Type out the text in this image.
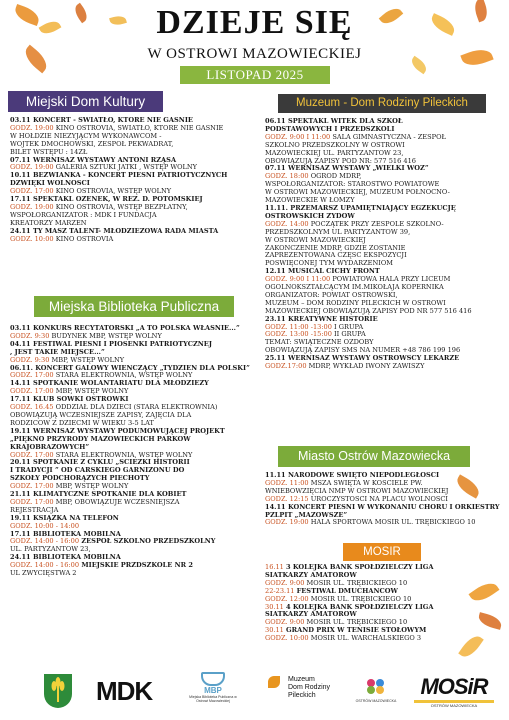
DZIEJE SIĘ
W OSTROWI MAZOWIECKIEJ
LISTOPAD 2025
Miejski Dom Kultury
Miejska Biblioteka Publiczna
Muzeum - Dom Rodziny Pileckich
Miasto Ostrów Mazowiecka
MOSIR
03.11 KONCERT - ŚWIATŁO, KTÓRE NIE GAŚNIE
GODZ. 19:00 KINO OSTROVIA, ŚWIATŁO, KTÓRE NIE GAŚNIE
W HOŁDZIE NIEZYJĄCYM WYKONAWCOM -
WOJTEK DMOCHOWSKI, ZESPÓŁ PEKWADRAT,
BILET WSTĘPU : 14ZŁ
07.11 WERNISAŻ WYSTAWY ANTONI RZĄSA
GODZ. 19:00 GALERIA SZTUKI JATKI , WSTĘP WOLNY
10.11 BEZWIANKA - KONCERT PIEŚNI PATRIOTYCZNYCH
DŹWIĘKI WOLNOŚCI
GODZ. 17:00 KINO OSTROVIA, WSTĘP WOLNY
17.11 SPEKTAKL OZENEK, W REZ. D. POTOMSKIEJ
GODZ. 19:00 KINO OSTROVIA, WSTĘP BEZPŁATNY,
WSPÓŁORGANIZATOR : MDK I FUNDACJA
KREATORZY MARZEŃ
24.11 TY MASZ TALENT- MŁODZIEŻOWA RADA MIASTA
GODZ. 10:00 KINO OSTROVIA
03.11 KONKURS RECYTATORSKI „A TO POLSKA WŁAŚNIE...”
GODZ. 9:30 BUDYNEK MBP, WSTĘP WOLNY
04.11 FESTIWAL PIEŚNI I PIOSENKI PATRIOTYCZNEJ
, JEST TAKIE MIEJSCE...”
GODZ. 9:30 MBP, WSTĘP WOLNY
06.11. KONCERT GALOWY WIEŃCZĄCY „TYDZIEŃ DLA POLSKI”
GODZ. 17:00 STARA ELEKTROWNIA, WSTĘP WOLNY
14.11 SPOTKANIE WOLANTARIATU DLA MŁODZIEŻY
GODZ. 17:00 MBP, WSTĘP WOLNY
17.11 KLUB SÓWKI OSTRÓWKI
GODZ. 16.45 ODDZIAŁ DLA DZIECI (STARA ELEKTROWNIA)
OBOWIĄZUJĄ WCZEŚNIEJSZE ZAPISY, ZAJĘCIA DLA
RODZICÓW Z DZIEĆMI W WIEKU 3-5 LAT
19.11 WERNISAŻ WYSTAWY PODUMOWUJĄCEJ PROJEKT
„PIĘKNO PRZYRODY MAZOWIECKICH PARKÓW
KRAJOBRAZOWYCH”
GODZ. 17:00 STARA ELEKTROWNIA, WSTĘP WOLNY
20.11 SPOTKANIE Z CYKLU „ŚCIEŻKI HISTORII
I TRADYCJI ” OD CARSKIEGO GARNIZONU DO
SZKOŁY PODCHORĄŻYCH PIECHOTY
GODZ. 17:00 MBP, WSTĘP WOLNY
21.11 KLIMATYCZNE SPOTKANIE DLA KOBIET
GODZ. 17:00 MBP, OBOWIĄZUJE WCZEŚNIEJSZA
REJESTRACJA
19.11 KSIĄŻKA NA TELEFON
GODZ. 10:00 - 14:00
17.11 BIBLIOTEKA MOBILNA
GODZ. 14:00 - 16:00 ZESPÓŁ SZKOLNO PRZEDSZKOLNY
UL. PARTYZANTÓW 23,
24.11 BIBLIOTEKA MOBILNA
GODZ. 14:00 - 16:00 MIEJSKIE PRZDSZKOLE NR 2
UL ZWYCIĘSTWA 2
06.11 SPEKTAKL WITEK DLA SZKÓŁ
PODSTAWOWYCH I PRZEDSZKOLI
GODZ. 9:00 I 11:00 SALA GIMNASTYCZNA - ZESPÓŁ
SZKOLNO PRZEDSZKOLNY W OSTROWI
MAZOWIECKIEJ UL. PARTYZANTÓW 23,
OBOWIĄZUJĄ ZAPISY POD NR: 577 516 416
07.11 WERNISAŻ WYSTAWY „WIELKI WÓZ”
GODZ. 18:00 OGRÓD MDRP,
WSPÓŁORGANIZATOR: STAROSTWO POWIATOWE
W OSTROWI MAZOWIECKIEJ, MUZEUM PÓŁNOCNO-
MAZOWIECKIE W ŁOMŻY
11.11. PRZEMARSZ UPAMIĘTNIAJĄCY EGZEKUCJĘ
OSTROWSKICH ŻYDÓW
GODZ. 14:00 POCZĄTEK PRZY ZESPOLE SZKOLNO-
PRZEDSZKOLNYM UL PARTYZANTÓW 39,
W OSTROWI MAZOWIECKIEJ
ZAKOŃCZENIE MDRP, GDZIE ZOSTANIE
ZAPREZENTOWANA CZĘŚĆ EKSPOZYCJI
POŚWIĘCONEJ TYM WYDARZENIOM
12.11 MUSICAL CICHY FRONT
GODZ. 9:00 I 11:00 POWIATOWA HALA PRZY LICEUM
OGÓLNOKSZTAŁCĄCYM IM.MIKOŁAJA KOPERNIKA
ORGANIZATOR: POWIAT OSTROWSKI,
MUZEUM – DOM RODZINY PILECKICH W OSTROWI
MAZOWIECKIEJ OBOWIĄZUJĄ ZAPISY POD NR 577 516 416
23.11 KREATYWNE HISTORIE
GODZ. 11:00 -13:00 I GRUPA
GODZ. 13:00 -15:00 II GRUPA
TEMAT: ŚWIĄTECZNE OZDOBY
OBOWIĄZUJĄ ZAPISY SMS NA NUMER +48 786 199 196
25.11 WERNISAŻ WYSTAWY OSTROWSCY LEKARZE
GODZ.17:00 MDRP, WYKŁAD IWONY ZAWISZY
11.11 NARODOWE ŚWIĘTO NIEPODLEGŁOŚCI
GODZ. 11:00 MSZA ŚWIĘTA W KOŚCIELE PW.
WNIEBOWZIĘCIA NMP W OSTROWI MAZOWIECKIEJ
GODZ. 12:15 UROCZYSTOŚCI NA PLACU WOLNOŚCI
14.11 KONCERT PIEŚNI W WYKONANIU CHÓRU I ORKIESTRY
PZLPIT „MAZOWSZE”
GODZ. 19:00 HALA SPORTOWA MOSIR UL. TRĘBICKIEGO 10
16.11 3 KOLEJKA BANK SPÓŁDZIELCZY LIGA
SIATKARZY AMATORÓW
GODZ. 9:00 MOSIR UL. TRĘBICKIEGO 10
22-23.11 FESTIWAL DMUCHAŃCÓW
GODZ. 12:00 MOSIR UL. TRĘBICKIEGO 10
30.11 4 KOLEJKA BANK SPÓŁDZIELCZY LIGA
SIATKARZY AMATORÓW
GODZ. 9:00 MOSIR UL. TRĘBICKIEGO 10
30.11 GRAND PRIX W TENISIE STOŁOWYM
GODZ. 10:00 MOSIR UL. WARCHALSKIEGO 3
MDK	MBP
Miejska Biblioteka Publiczna w Ostrowi Mazowieckiej
Muzeum
Dom Rodziny
Pileckich
OSTRÓW MAZOWIECKA
MOSiR
OSTRÓW MAZOWIECKA
